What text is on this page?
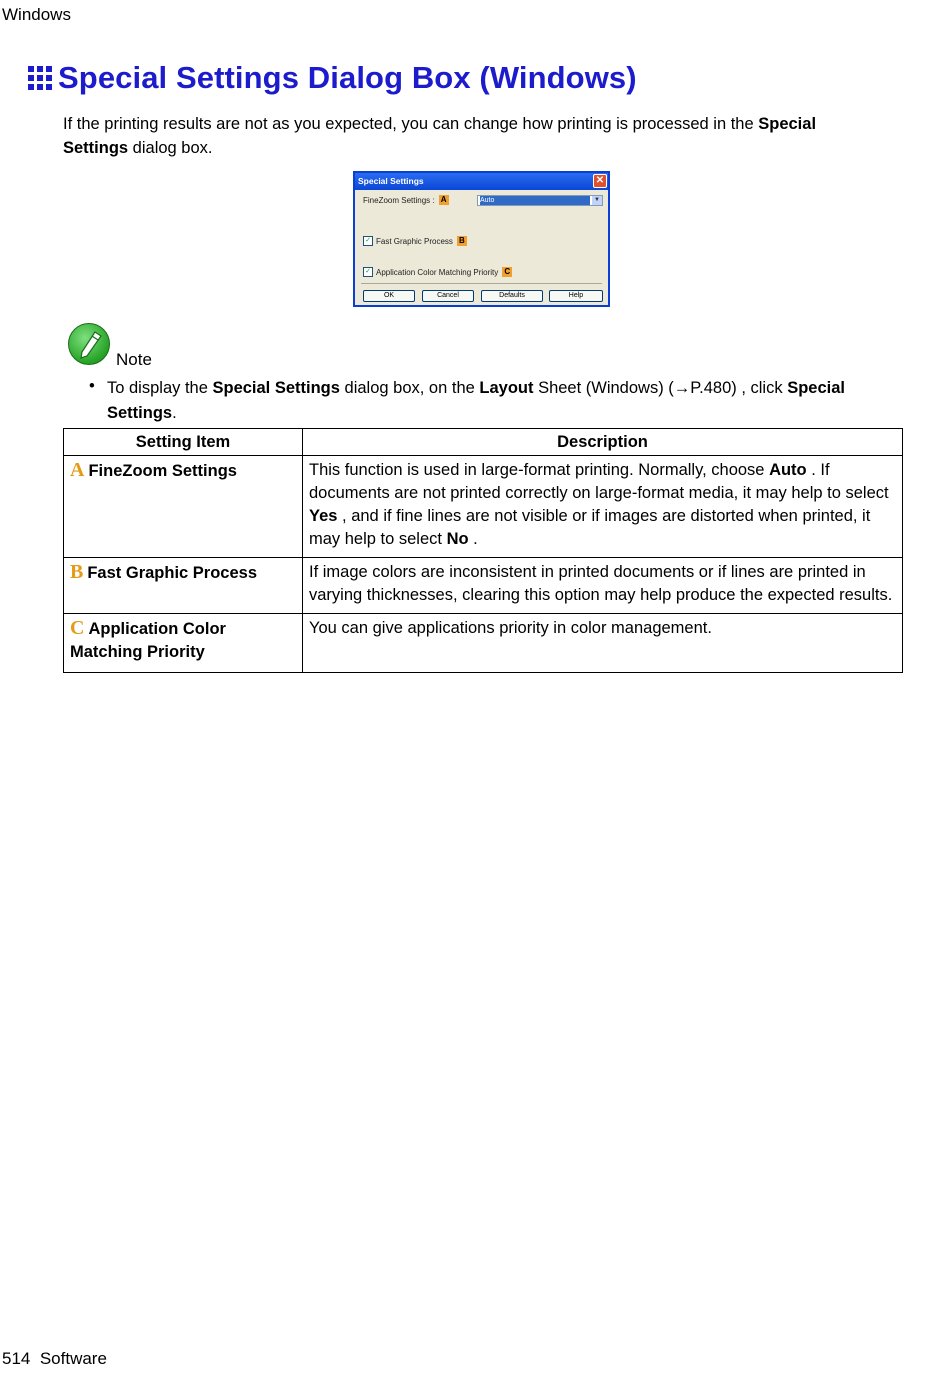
Windows
Special Settings Dialog Box (Windows)
If the printing results are not as you expected, you can change how printing is processed in the Special Settings dialog box.
Special Settings	✕
FineZoom Settings : A	Auto	▼
✓ Fast Graphic Process B
✓ Application Color Matching Priority C
OK	Cancel	Defaults	Help
Note
• To display the Special Settings dialog box, on the Layout Sheet (Windows) (→P.480) , click Special Settings.
Setting Item	Description
A FineZoom Settings	This function is used in large-format printing. Normally, choose Auto . If documents are not printed correctly on large-format media, it may help to select Yes , and if fine lines are not visible or if images are distorted when printed, it may help to select No .
B Fast Graphic Process	If image colors are inconsistent in printed documents or if lines are printed in varying thicknesses, clearing this option may help produce the expected results.
C Application Color Matching Priority	You can give applications priority in color management.
514 Software
